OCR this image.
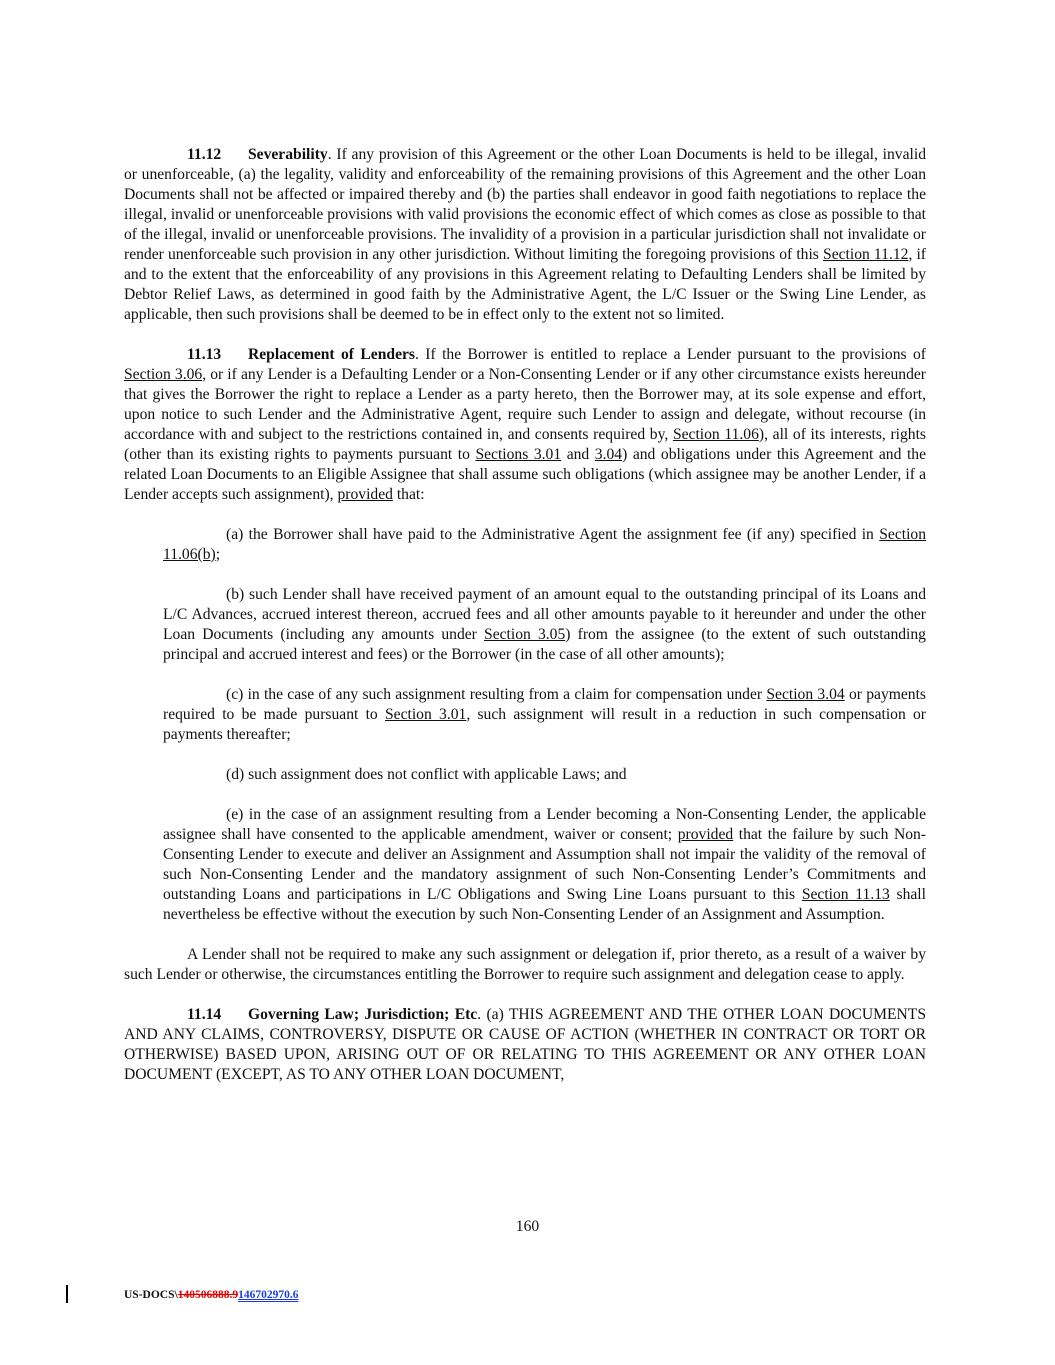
11.12 Severability. If any provision of this Agreement or the other Loan Documents is held to be illegal, invalid or unenforceable, (a) the legality, validity and enforceability of the remaining provisions of this Agreement and the other Loan Documents shall not be affected or impaired thereby and (b) the parties shall endeavor in good faith negotiations to replace the illegal, invalid or unenforceable provisions with valid provisions the economic effect of which comes as close as possible to that of the illegal, invalid or unenforceable provisions. The invalidity of a provision in a particular jurisdiction shall not invalidate or render unenforceable such provision in any other jurisdiction. Without limiting the foregoing provisions of this Section 11.12, if and to the extent that the enforceability of any provisions in this Agreement relating to Defaulting Lenders shall be limited by Debtor Relief Laws, as determined in good faith by the Administrative Agent, the L/C Issuer or the Swing Line Lender, as applicable, then such provisions shall be deemed to be in effect only to the extent not so limited.

11.13 Replacement of Lenders. If the Borrower is entitled to replace a Lender pursuant to the provisions of Section 3.06, or if any Lender is a Defaulting Lender or a Non-Consenting Lender or if any other circumstance exists hereunder that gives the Borrower the right to replace a Lender as a party hereto, then the Borrower may, at its sole expense and effort, upon notice to such Lender and the Administrative Agent, require such Lender to assign and delegate, without recourse (in accordance with and subject to the restrictions contained in, and consents required by, Section 11.06), all of its interests, rights (other than its existing rights to payments pursuant to Sections 3.01 and 3.04) and obligations under this Agreement and the related Loan Documents to an Eligible Assignee that shall assume such obligations (which assignee may be another Lender, if a Lender accepts such assignment), provided that:

(a) the Borrower shall have paid to the Administrative Agent the assignment fee (if any) specified in Section 11.06(b);

(b) such Lender shall have received payment of an amount equal to the outstanding principal of its Loans and L/C Advances, accrued interest thereon, accrued fees and all other amounts payable to it hereunder and under the other Loan Documents (including any amounts under Section 3.05) from the assignee (to the extent of such outstanding principal and accrued interest and fees) or the Borrower (in the case of all other amounts);

(c) in the case of any such assignment resulting from a claim for compensation under Section 3.04 or payments required to be made pursuant to Section 3.01, such assignment will result in a reduction in such compensation or payments thereafter;

(d) such assignment does not conflict with applicable Laws; and

(e) in the case of an assignment resulting from a Lender becoming a Non-Consenting Lender, the applicable assignee shall have consented to the applicable amendment, waiver or consent; provided that the failure by such Non-Consenting Lender to execute and deliver an Assignment and Assumption shall not impair the validity of the removal of such Non-Consenting Lender and the mandatory assignment of such Non-Consenting Lender’s Commitments and outstanding Loans and participations in L/C Obligations and Swing Line Loans pursuant to this Section 11.13 shall nevertheless be effective without the execution by such Non-Consenting Lender of an Assignment and Assumption.

A Lender shall not be required to make any such assignment or delegation if, prior thereto, as a result of a waiver by such Lender or otherwise, the circumstances entitling the Borrower to require such assignment and delegation cease to apply.

11.14 Governing Law; Jurisdiction; Etc. (a) THIS AGREEMENT AND THE OTHER LOAN DOCUMENTS AND ANY CLAIMS, CONTROVERSY, DISPUTE OR CAUSE OF ACTION (WHETHER IN CONTRACT OR TORT OR OTHERWISE) BASED UPON, ARISING OUT OF OR RELATING TO THIS AGREEMENT OR ANY OTHER LOAN DOCUMENT (EXCEPT, AS TO ANY OTHER LOAN DOCUMENT,

160
US-DOCS\140506888.9146702970.6
